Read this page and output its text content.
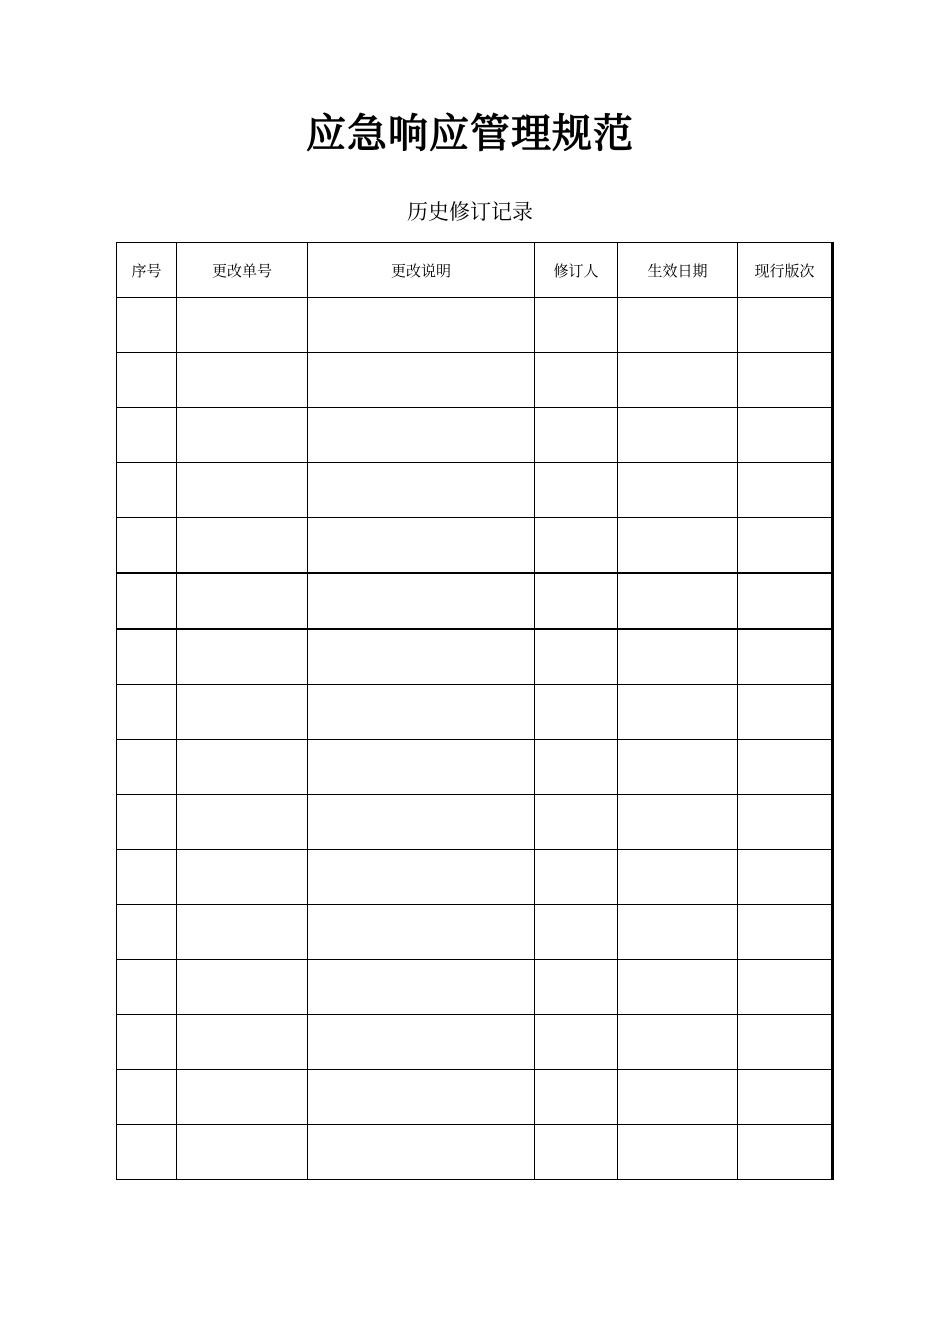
应急响应管理规范
历史修订记录
序号	更改单号	更改说明	修订人	生效日期	现行版次
